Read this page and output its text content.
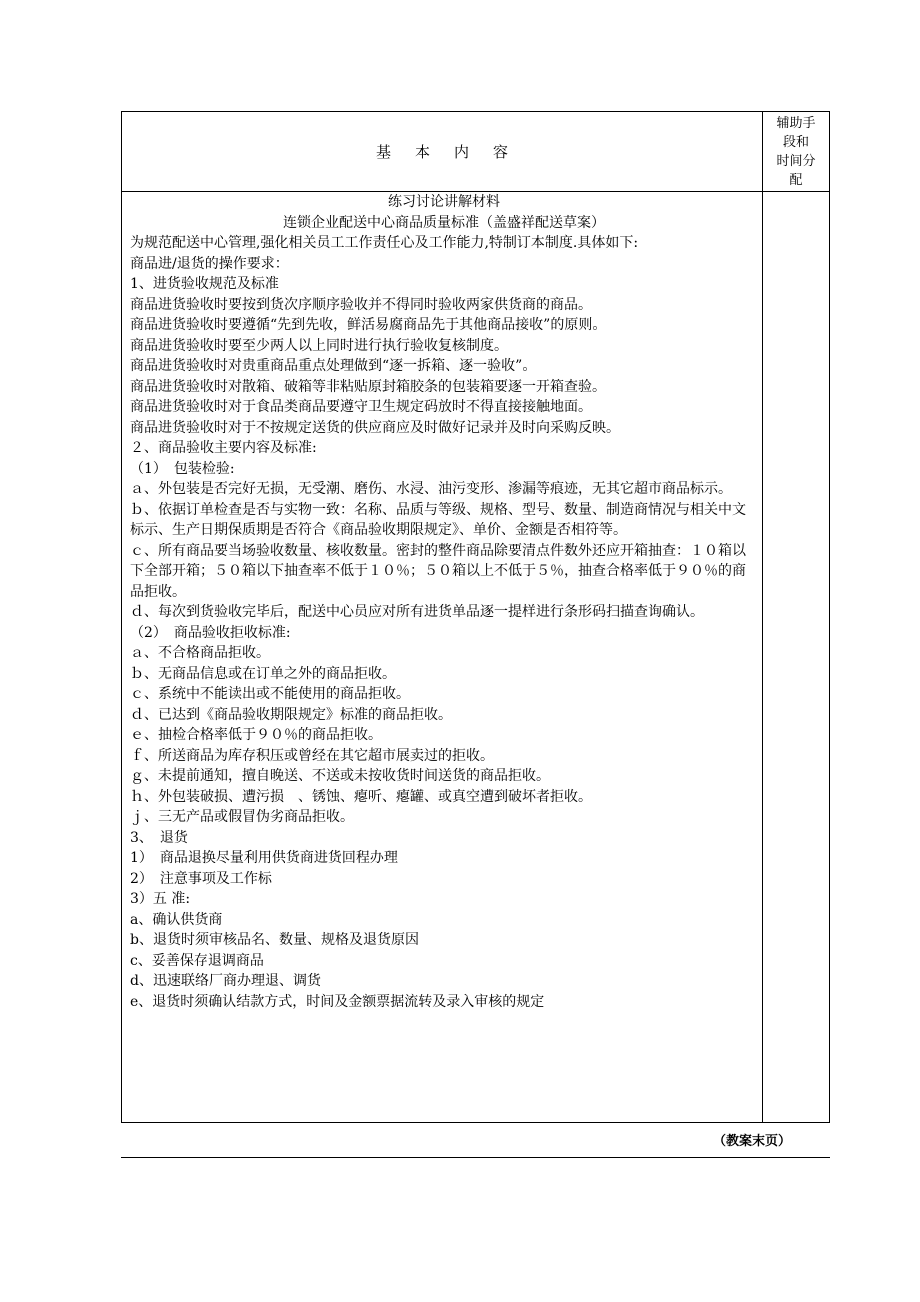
基 本 内 容
辅助手
段和
时间分
配
练习讨论讲解材料
连锁企业配送中心商品质量标准（盖盛祥配送草案）
为规范配送中心管理,强化相关员工工作责任心及工作能力,特制订本制度.具体如下:
商品进/退货的操作要求：
1、进货验收规范及标准
商品进货验收时要按到货次序顺序验收并不得同时验收两家供货商的商品。
商品进货验收时要遵循“先到先收，鲜活易腐商品先于其他商品接收”的原则。
商品进货验收时要至少两人以上同时进行执行验收复核制度。
商品进货验收时对贵重商品重点处理做到“逐一拆箱、逐一验收”。
商品进货验收时对散箱、破箱等非粘贴原封箱胶条的包装箱要逐一开箱查验。
商品进货验收时对于食品类商品要遵守卫生规定码放时不得直接接触地面。
商品进货验收时对于不按规定送货的供应商应及时做好记录并及时向采购反映。
２、商品验收主要内容及标准:
（1）　包装检验:
ａ、外包装是否完好无损，无受潮、磨伤、水浸、油污变形、渗漏等痕迹，无其它超市商品标示。
ｂ、依据订单检查是否与实物一致：名称、品质与等级、规格、型号、数量、制造商情况与相关中文标示、生产日期保质期是否符合《商品验收期限规定》、单价、金额是否相符等。
ｃ、所有商品要当场验收数量、核收数量。密封的整件商品除要清点件数外还应开箱抽查：１０箱以下全部开箱；５０箱以下抽查率不低于１０％；５０箱以上不低于５％，抽查合格率低于９０％的商品拒收。
ｄ、每次到货验收完毕后，配送中心员应对所有进货单品逐一提样进行条形码扫描查询确认。
（2）　商品验收拒收标准:
ａ、不合格商品拒收。
ｂ、无商品信息或在订单之外的商品拒收。
ｃ、系统中不能读出或不能使用的商品拒收。
ｄ、已达到《商品验收期限规定》标准的商品拒收。
ｅ、抽检合格率低于９０％的商品拒收。
ｆ、所送商品为库存积压或曾经在其它超市展卖过的拒收。
ｇ、未提前通知，擅自晚送、不送或未按收货时间送货的商品拒收。
ｈ、外包装破损、遭污损　、锈蚀、瘪听、瘪罐、或真空遭到破坏者拒收。
ｊ、三无产品或假冒伪劣商品拒收。
3、　退货
1）　商品退换尽量利用供货商进货回程办理
2）　注意事项及工作标
3）五 准:
a、确认供货商
b、退货时须审核品名、数量、规格及退货原因
c、妥善保存退调商品
d、迅速联络厂商办理退、调货
e、退货时须确认结款方式，时间及金额票据流转及录入审核的规定
（教案末页）
